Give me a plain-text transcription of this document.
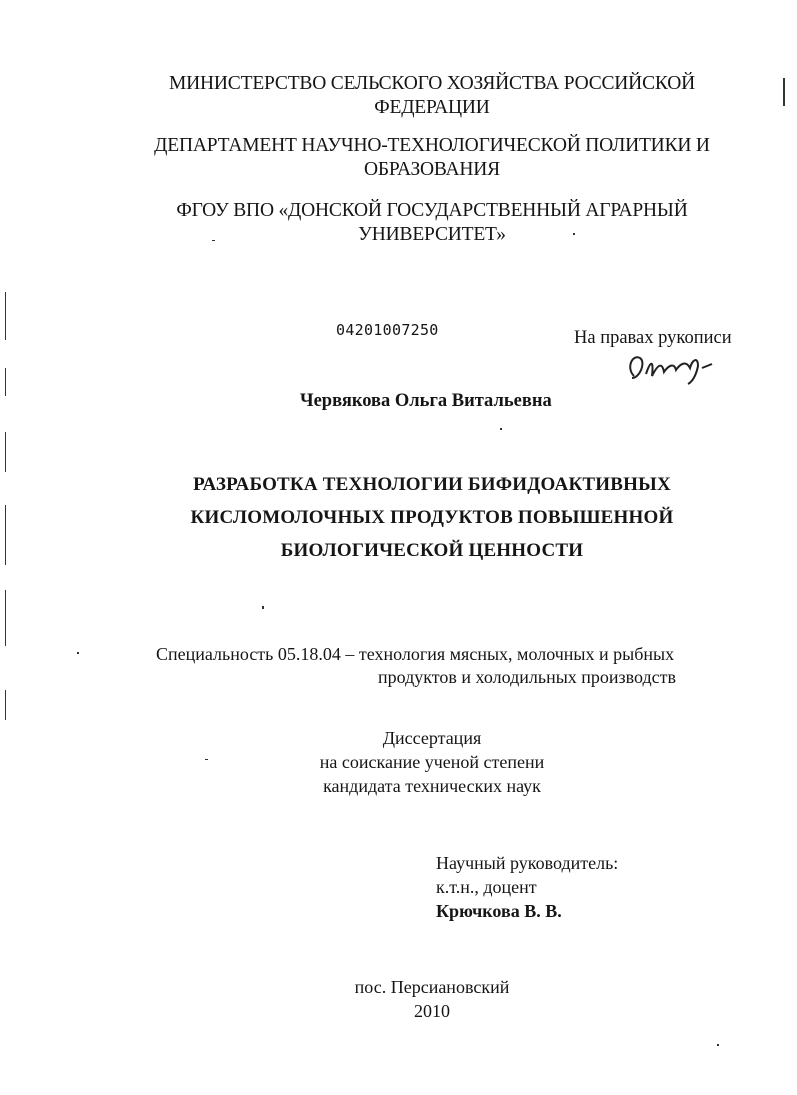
МИНИСТЕРСТВО СЕЛЬСКОГО ХОЗЯЙСТВА РОССИЙСКОЙ
ФЕДЕРАЦИИ
ДЕПАРТАМЕНТ НАУЧНО-ТЕХНОЛОГИЧЕСКОЙ ПОЛИТИКИ И
ОБРАЗОВАНИЯ
ФГОУ ВПО «ДОНСКОЙ ГОСУДАРСТВЕННЫЙ АГРАРНЫЙ
УНИВЕРСИТЕТ»
04201007250	На правах рукописи
Червякова Ольга Витальевна
РАЗРАБОТКА ТЕХНОЛОГИИ БИФИДОАКТИВНЫХ
КИСЛОМОЛОЧНЫХ ПРОДУКТОВ ПОВЫШЕННОЙ
БИОЛОГИЧЕСКОЙ ЦЕННОСТИ
Специальность 05.18.04 – технология мясных, молочных и рыбных
продуктов и холодильных производств
Диссертация
на соискание ученой степени
кандидата технических наук
Научный руководитель:
к.т.н., доцент
Крючкова В. В.
пос. Персиановский
2010
